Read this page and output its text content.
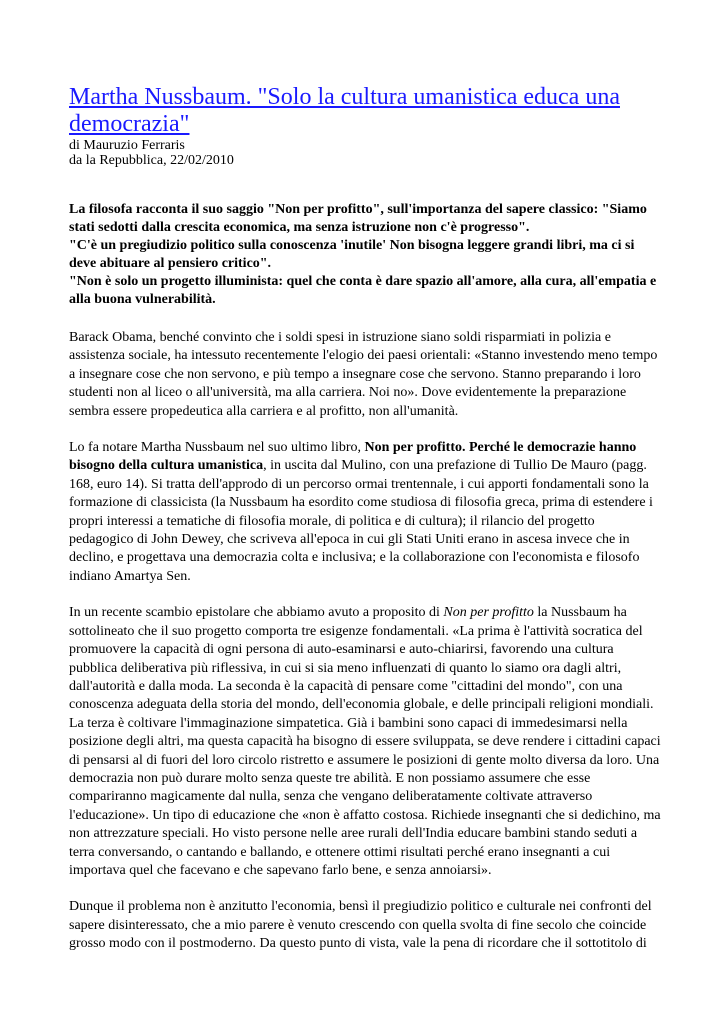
Martha Nussbaum. "Solo la cultura umanistica educa una democrazia"
di Mauruzio Ferraris
da la Repubblica, 22/02/2010

La filosofa racconta il suo saggio "Non per profitto", sull'importanza del sapere classico: "Siamo stati sedotti dalla crescita economica, ma senza istruzione non c'è progresso".

"C'è un pregiudizio politico sulla conoscenza 'inutile' Non bisogna leggere grandi libri, ma ci si deve abituare al pensiero critico".

"Non è solo un progetto illuminista: quel che conta è dare spazio all'amore, alla cura, all'empatia e alla buona vulnerabilità.

Barack Obama, benché convinto che i soldi spesi in istruzione siano soldi risparmiati in polizia e assistenza sociale, ha intessuto recentemente l'elogio dei paesi orientali: «Stanno investendo meno tempo a insegnare cose che non servono, e più tempo a insegnare cose che servono. Stanno preparando i loro studenti non al liceo o all'università, ma alla carriera. Noi no». Dove evidentemente la preparazione sembra essere propedeutica alla carriera e al profitto, non all'umanità.

Lo fa notare Martha Nussbaum nel suo ultimo libro, Non per profitto. Perché le democrazie hanno bisogno della cultura umanistica, in uscita dal Mulino, con una prefazione di Tullio De Mauro (pagg. 168, euro 14). Si tratta dell'approdo di un percorso ormai trentennale, i cui apporti fondamentali sono la formazione di classicista (la Nussbaum ha esordito come studiosa di filosofia greca, prima di estendere i propri interessi a tematiche di filosofia morale, di politica e di cultura); il rilancio del progetto pedagogico di John Dewey, che scriveva all'epoca in cui gli Stati Uniti erano in ascesa invece che in declino, e progettava una democrazia colta e inclusiva; e la collaborazione con l'economista e filosofo indiano Amartya Sen.

In un recente scambio epistolare che abbiamo avuto a proposito di Non per profitto la Nussbaum ha sottolineato che il suo progetto comporta tre esigenze fondamentali. «La prima è l'attività socratica del promuovere la capacità di ogni persona di auto-esaminarsi e auto-chiarirsi, favorendo una cultura pubblica deliberativa più riflessiva, in cui si sia meno influenzati di quanto lo siamo ora dagli altri, dall'autorità e dalla moda. La seconda è la capacità di pensare come "cittadini del mondo", con una conoscenza adeguata della storia del mondo, dell'economia globale, e delle principali religioni mondiali. La terza è coltivare l'immaginazione simpatetica. Già i bambini sono capaci di immedesimarsi nella posizione degli altri, ma questa capacità ha bisogno di essere sviluppata, se deve rendere i cittadini capaci di pensarsi al di fuori del loro circolo ristretto e assumere le posizioni di gente molto diversa da loro. Una democrazia non può durare molto senza queste tre abilità. E non possiamo assumere che esse compariranno magicamente dal nulla, senza che vengano deliberatamente coltivate attraverso l'educazione». Un tipo di educazione che «non è affatto costosa. Richiede insegnanti che si dedichino, ma non attrezzature speciali. Ho visto persone nelle aree rurali dell'India educare bambini stando seduti a terra conversando, o cantando e ballando, e ottenere ottimi risultati perché erano insegnanti a cui importava quel che facevano e che sapevano farlo bene, e senza annoiarsi».

Dunque il problema non è anzitutto l'economia, bensì il pregiudizio politico e culturale nei confronti del sapere disinteressato, che a mio parere è venuto crescendo con quella svolta di fine secolo che coincide grosso modo con il postmoderno. Da questo punto di vista, vale la pena di ricordare che il sottotitolo di
